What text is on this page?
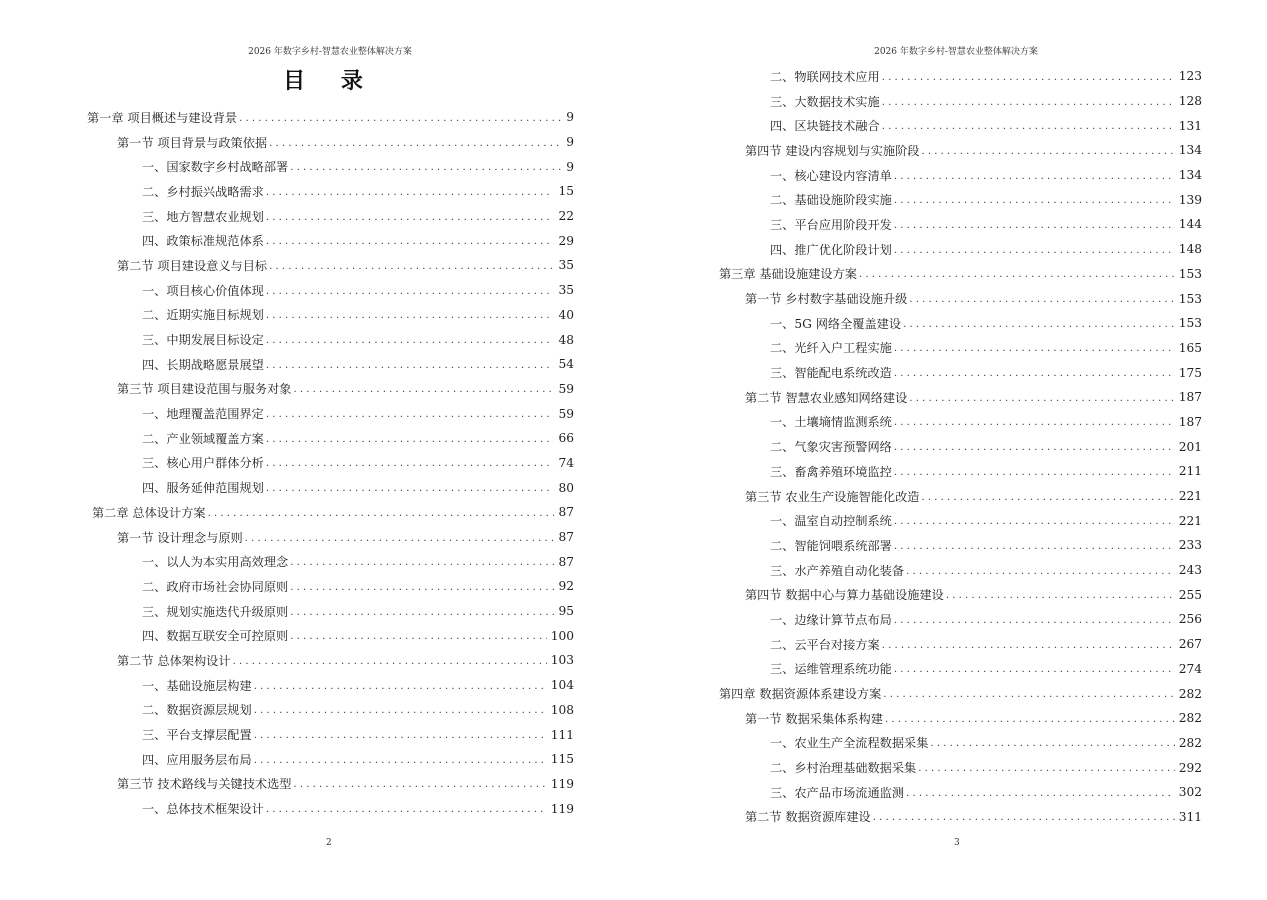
2026 年数字乡村-智慧农业整体解决方案
目 录
第一章 项目概述与建设背景 .....	9
第一节 项目背景与政策依据 .....	9
一、国家数字乡村战略部署 .....	9
二、乡村振兴战略需求 .....	15
三、地方智慧农业规划 .....	22
四、政策标准规范体系 .....	29
第二节 项目建设意义与目标 .....	35
一、项目核心价值体现 .....	35
二、近期实施目标规划 .....	40
三、中期发展目标设定 .....	48
四、长期战略愿景展望 .....	54
第三节 项目建设范围与服务对象 .....	59
一、地理覆盖范围界定 .....	59
二、产业领域覆盖方案 .....	66
三、核心用户群体分析 .....	74
四、服务延伸范围规划 .....	80
第二章 总体设计方案 .....	87
第一节 设计理念与原则 .....	87
一、以人为本实用高效理念 .....	87
二、政府市场社会协同原则 .....	92
三、规划实施迭代升级原则 .....	95
四、数据互联安全可控原则 .....	100
第二节 总体架构设计 .....	103
一、基础设施层构建 .....	104
二、数据资源层规划 .....	108
三、平台支撑层配置 .....	111
四、应用服务层布局 .....	115
第三节 技术路线与关键技术选型 .....	119
一、总体技术框架设计 .....	119
2
2026 年数字乡村-智慧农业整体解决方案
二、物联网技术应用 .....	123
三、大数据技术实施 .....	128
四、区块链技术融合 .....	131
第四节 建设内容规划与实施阶段 .....	134
一、核心建设内容清单 .....	134
二、基础设施阶段实施 .....	139
三、平台应用阶段开发 .....	144
四、推广优化阶段计划 .....	148
第三章 基础设施建设方案 .....	153
第一节 乡村数字基础设施升级 .....	153
一、5G 网络全覆盖建设 .....	153
二、光纤入户工程实施 .....	165
三、智能配电系统改造 .....	175
第二节 智慧农业感知网络建设 .....	187
一、土壤墒情监测系统 .....	187
二、气象灾害预警网络 .....	201
三、畜禽养殖环境监控 .....	211
第三节 农业生产设施智能化改造 .....	221
一、温室自动控制系统 .....	221
二、智能饲喂系统部署 .....	233
三、水产养殖自动化装备 .....	243
第四节 数据中心与算力基础设施建设 .....	255
一、边缘计算节点布局 .....	256
二、云平台对接方案 .....	267
三、运维管理系统功能 .....	274
第四章 数据资源体系建设方案 .....	282
第一节 数据采集体系构建 .....	282
一、农业生产全流程数据采集 .....	282
二、乡村治理基础数据采集 .....	292
三、农产品市场流通监测 .....	302
第二节 数据资源库建设 .....	311
3
